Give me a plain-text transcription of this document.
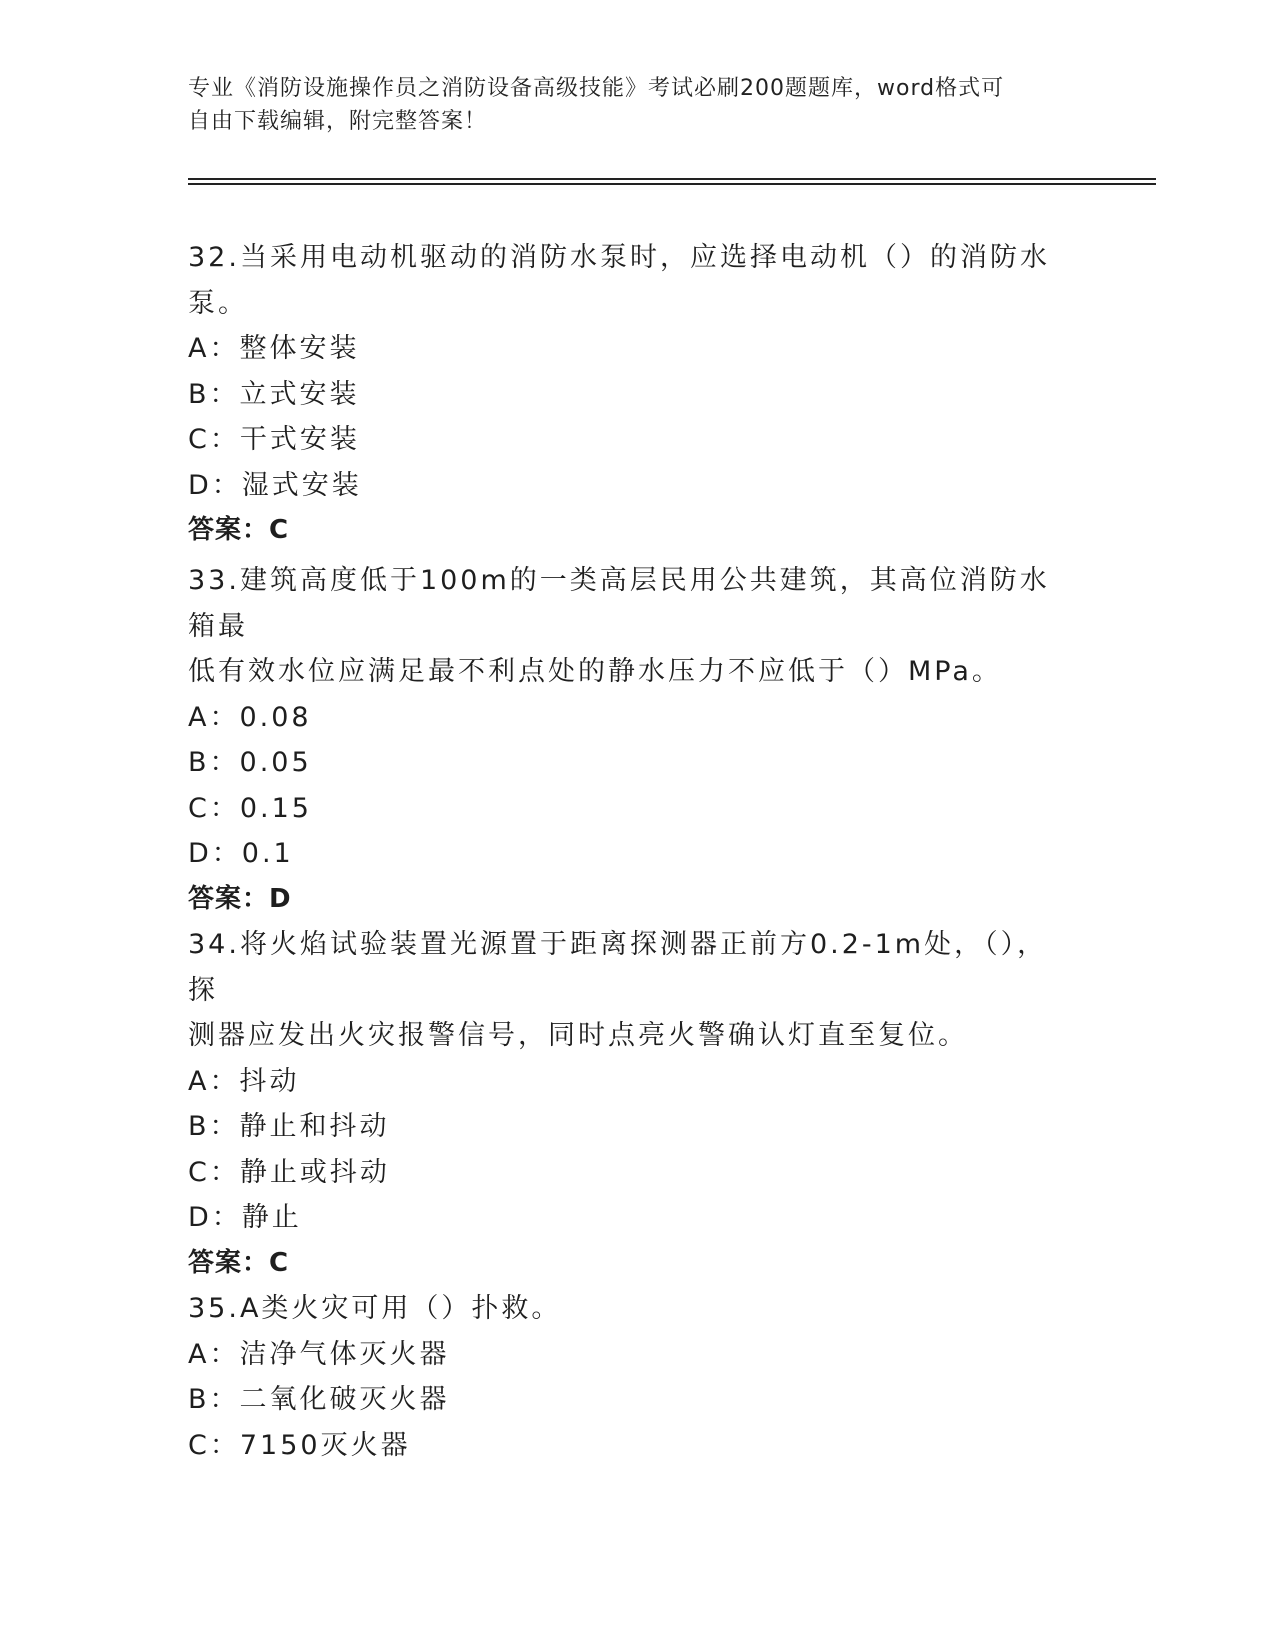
专业《消防设施操作员之消防设备高级技能》考试必刷200题题库，word格式可
自由下载编辑，附完整答案！

32.当采用电动机驱动的消防水泵时，应选择电动机（）的消防水泵。

A：整体安装

B：立式安装

C：干式安装

D：湿式安装

答案：C

33.建筑高度低于100m的一类高层民用公共建筑，其高位消防水箱最

低有效水位应满足最不利点处的静水压力不应低于（）MPa。

A：0.08

B：0.05

C：0.15

D：0.1

答案：D

34.将火焰试验装置光源置于距离探测器正前方0.2-1m处，（），探

测器应发出火灾报警信号，同时点亮火警确认灯直至复位。

A：抖动

B：静止和抖动

C：静止或抖动

D：静止

答案：C

35.A类火灾可用（）扑救。

A：洁净气体灭火器

B：二氧化破灭火器

C：7150灭火器
